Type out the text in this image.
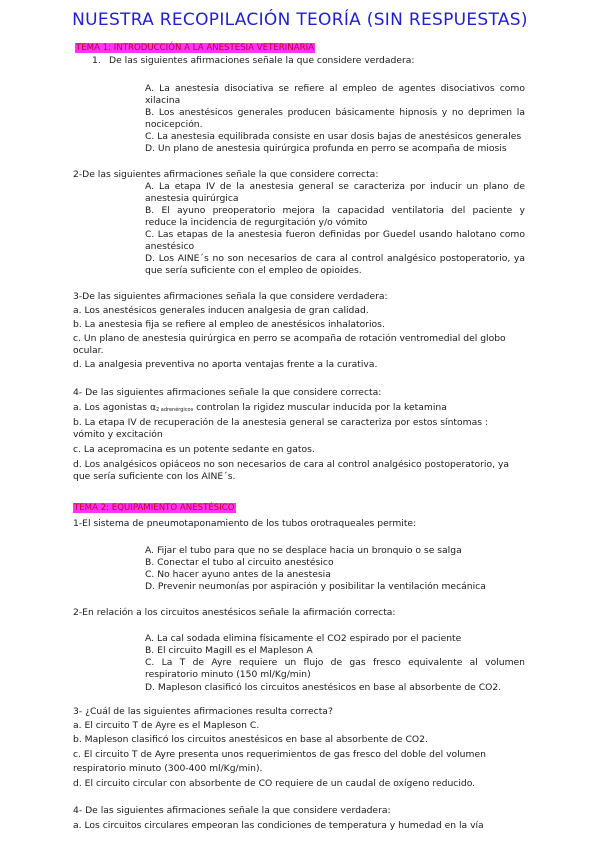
NUESTRA RECOPILACIÓN TEORÍA (SIN RESPUESTAS)
TEMA 1: INTRODUCCIÓN A LA ANESTESIA VETERINARIA
1. De las siguientes afirmaciones señale la que considere verdadera:
A. La anestesia disociativa se refiere al empleo de agentes disociativos como
xilacina
B. Los anestésicos generales producen básicamente hipnosis y no deprimen la
nocicepción.
C. La anestesia equilibrada consiste en usar dosis bajas de anestésicos generales
D. Un plano de anestesia quirúrgica profunda en perro se acompaña de miosis
2-De las siguientes afirmaciones señale la que considere correcta:
A. La etapa IV de la anestesia general se caracteriza por inducir un plano de
anestesia quirúrgica
B. El ayuno preoperatorio mejora la capacidad ventilatoria del paciente y
reduce la incidencia de regurgitación y/o vómito
C. Las etapas de la anestesia fueron definidas por Guedel usando halotano como
anestésico
D. Los AINE´s no son necesarios de cara al control analgésico postoperatorio, ya
que sería suficiente con el empleo de opioides.
3-De las siguientes afirmaciones señala la que considere verdadera:
a. Los anestésicos generales inducen analgesia de gran calidad.
b. La anestesia fija se refiere al empleo de anestésicos inhalatorios.
c. Un plano de anestesia quirúrgica en perro se acompaña de rotación ventromedial del globo
ocular.
d. La analgesia preventiva no aporta ventajas frente a la curativa.
4- De las siguientes afirmaciones señale la que considere correcta:
a. Los agonistas $\alpha_{2 adrenérgicos}$ controlan la rigidez muscular inducida por la ketamina
b. La etapa IV de recuperación de la anestesia general se caracteriza por estos síntomas :
vómito y excitación
c. La acepromacina es un potente sedante en gatos.
d. Los analgésicos opiáceos no son necesarios de cara al control analgésico postoperatorio, ya
que sería suficiente con los AINE´s.
TEMA 2: EQUIPAMIENTO ANESTÉSICO
1-El sistema de pneumotaponamiento de los tubos orotraqueales permite:
A. Fijar el tubo para que no se desplace hacia un bronquio o se salga
B. Conectar el tubo al circuito anestésico
C. No hacer ayuno antes de la anestesia
D. Prevenir neumonías por aspiración y posibilitar la ventilación mecánica
2-En relación a los circuitos anestésicos señale la afirmación correcta:
A. La cal sodada elimina físicamente el CO2 espirado por el paciente
B. El circuito Magill es el Mapleson A
C. La T de Ayre requiere un flujo de gas fresco equivalente al volumen
respiratorio minuto (150 ml/Kg/min)
D. Mapleson clasificó los circuitos anestésicos en base al absorbente de CO2.
3- ¿Cuál de las siguientes afirmaciones resulta correcta?
a. El circuito T de Ayre es el Mapleson C.
b. Mapleson clasificó los circuitos anestésicos en base al absorbente de CO2.
c. El circuito T de Ayre presenta unos requerimientos de gas fresco del doble del volumen
respiratorio minuto (300-400 ml/Kg/min).
d. El circuito circular con absorbente de CO requiere de un caudal de oxígeno reducido.
4- De las siguientes afirmaciones señale la que considere verdadera:
a. Los circuitos circulares empeoran las condiciones de temperatura y humedad en la vía
